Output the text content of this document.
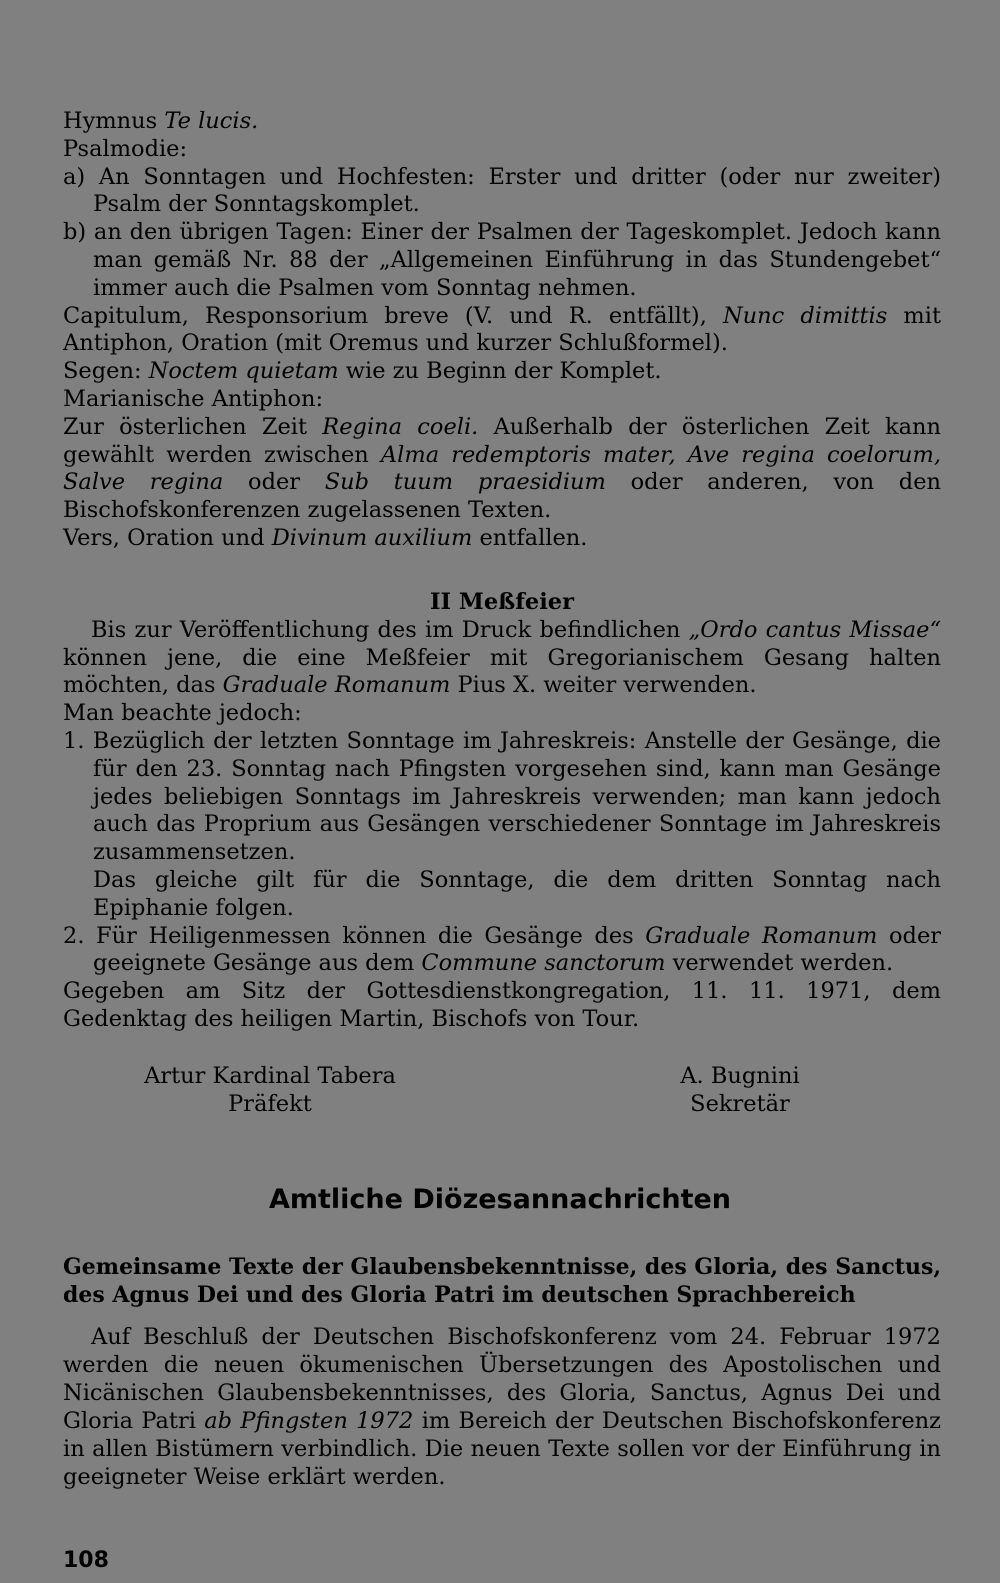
Hymnus Te lucis.

Psalmodie:

a) An Sonntagen und Hochfesten: Erster und dritter (oder nur zweiter) Psalm der Sonntagskomplet.

b) an den übrigen Tagen: Einer der Psalmen der Tageskomplet. Jedoch kann man gemäß Nr. 88 der „Allgemeinen Einführung in das Stundengebet“ immer auch die Psalmen vom Sonntag nehmen.

Capitulum, Responsorium breve (V. und R. entfällt), Nunc dimittis mit Antiphon, Oration (mit Oremus und kurzer Schlußformel).

Segen: Noctem quietam wie zu Beginn der Komplet.

Marianische Antiphon:

Zur österlichen Zeit Regina coeli. Außerhalb der österlichen Zeit kann gewählt werden zwischen Alma redemptoris mater, Ave regina coelorum, Salve regina oder Sub tuum praesidium oder anderen, von den Bischofskonferenzen zugelassenen Texten.

Vers, Oration und Divinum auxilium entfallen.

II Meßfeier

Bis zur Veröffentlichung des im Druck befindlichen „Ordo cantus Missae“ können jene, die eine Meßfeier mit Gregorianischem Gesang halten möchten, das Graduale Romanum Pius X. weiter verwenden.

Man beachte jedoch:

1. Bezüglich der letzten Sonntage im Jahreskreis: Anstelle der Gesänge, die für den 23. Sonntag nach Pfingsten vorgesehen sind, kann man Gesänge jedes beliebigen Sonntags im Jahreskreis verwenden; man kann jedoch auch das Proprium aus Gesängen verschiedener Sonntage im Jahreskreis zusammensetzen.

Das gleiche gilt für die Sonntage, die dem dritten Sonntag nach Epiphanie folgen.

2. Für Heiligenmessen können die Gesänge des Graduale Romanum oder geeignete Gesänge aus dem Commune sanctorum verwendet werden.

Gegeben am Sitz der Gottesdienstkongregation, 11. 11. 1971, dem Gedenktag des heiligen Martin, Bischofs von Tour.

Artur Kardinal Tabera
Präfekt
A. Bugnini
Sekretär
Amtliche Diözesannachrichten
Gemeinsame Texte der Glaubensbekenntnisse, des Gloria, des Sanctus, des Agnus Dei und des Gloria Patri im deutschen Sprachbereich
Auf Beschluß der Deutschen Bischofskonferenz vom 24. Februar 1972 werden die neuen ökumenischen Übersetzungen des Apostolischen und Nicänischen Glaubensbekenntnisses, des Gloria, Sanctus, Agnus Dei und Gloria Patri ab Pfingsten 1972 im Bereich der Deutschen Bischofskonferenz in allen Bistümern verbindlich. Die neuen Texte sollen vor der Einführung in geeigneter Weise erklärt werden.
108
